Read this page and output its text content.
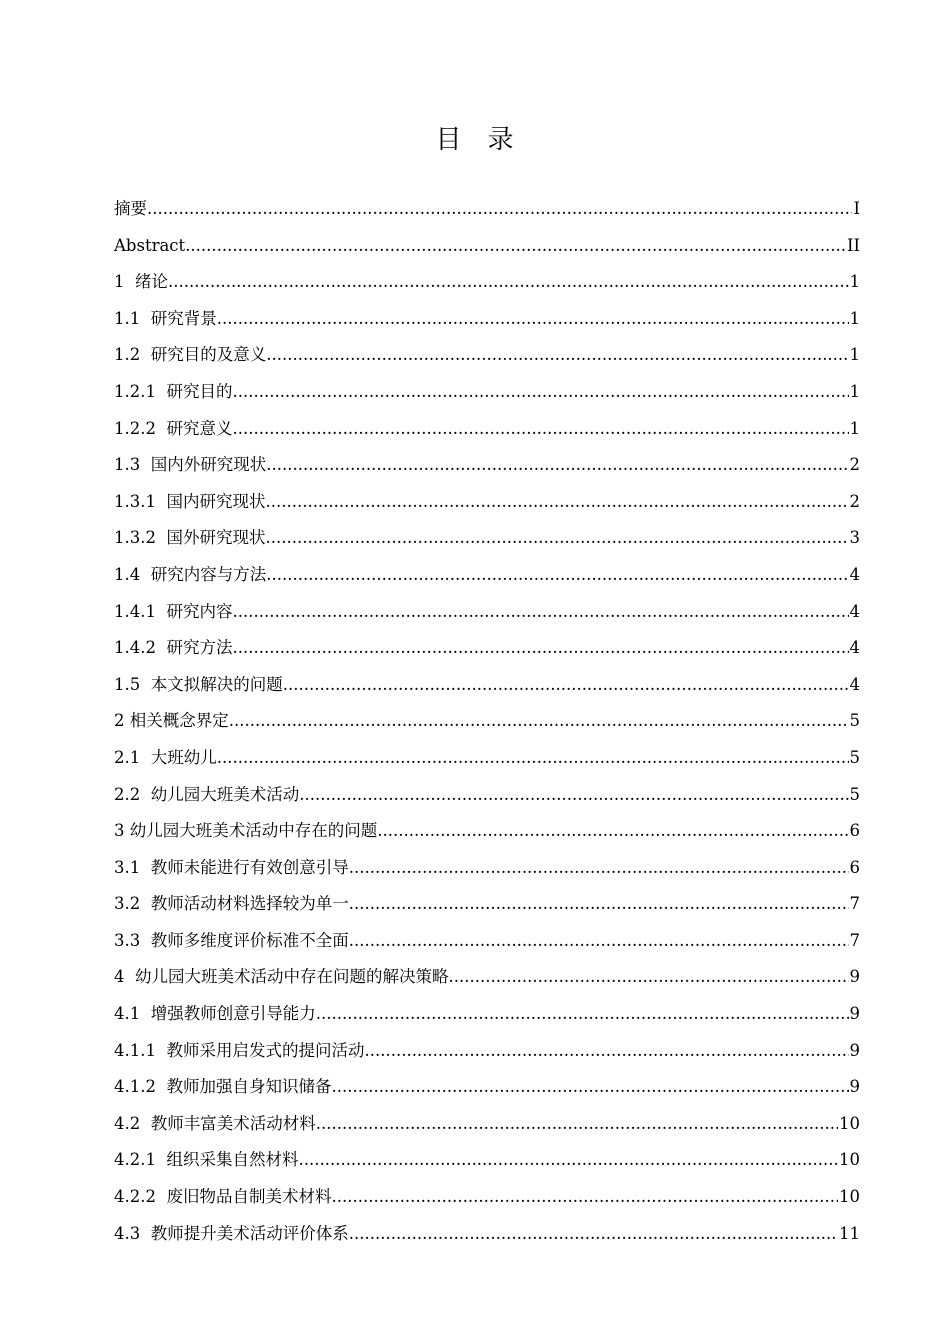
目录
摘要 .....	I
Abstract .....	II
1  绪论 .....	1
1.1  研究背景 .....	1
1.2  研究目的及意义 .....	1
1.2.1  研究目的 .....	1
1.2.2  研究意义 .....	1
1.3  国内外研究现状 .....	2
1.3.1  国内研究现状 .....	2
1.3.2  国外研究现状 .....	3
1.4  研究内容与方法 .....	4
1.4.1  研究内容 .....	4
1.4.2  研究方法 .....	4
1.5  本文拟解决的问题 .....	4
2 相关概念界定 .....	5
2.1  大班幼儿 .....	5
2.2  幼儿园大班美术活动 .....	5
3 幼儿园大班美术活动中存在的问题 .....	6
3.1  教师未能进行有效创意引导 .....	6
3.2  教师活动材料选择较为单一 .....	7
3.3  教师多维度评价标准不全面 .....	7
4  幼儿园大班美术活动中存在问题的解决策略 .....	9
4.1  增强教师创意引导能力 .....	9
4.1.1  教师采用启发式的提问活动 .....	9
4.1.2  教师加强自身知识储备 .....	9
4.2  教师丰富美术活动材料 .....	10
4.2.1  组织采集自然材料 .....	10
4.2.2  废旧物品自制美术材料 .....	10
4.3  教师提升美术活动评价体系 .....	11
